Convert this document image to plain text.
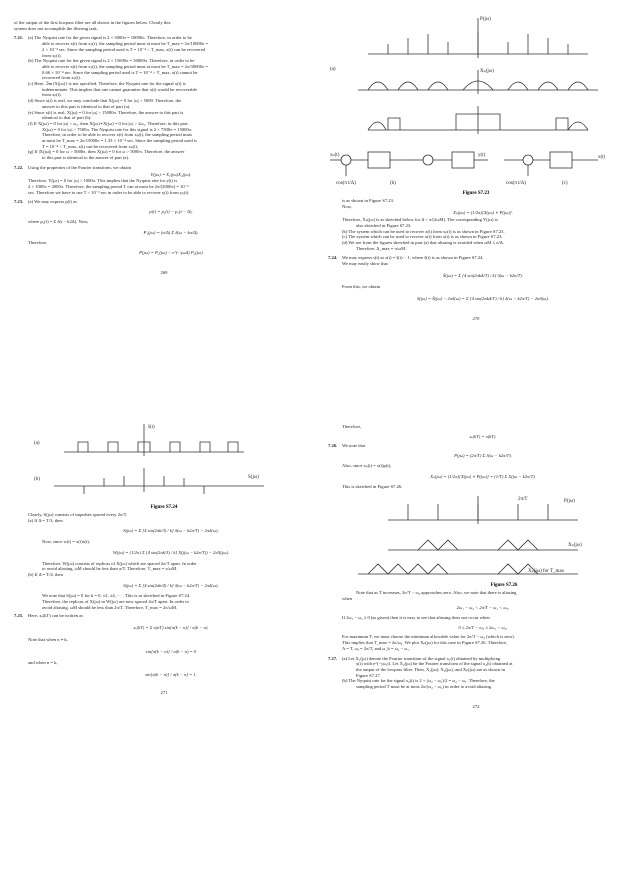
of the output of the first lowpass filter are all shown in the figures below. Clearly this

system does not accomplish the filtering task.

7.21. (a) The Nyquist rate for the given signal is 2 × 5000π = 10000π. Therefore, in order to be

able to recover x(t) from xₚ(t), the sampling period must at most be T_max = 2π/10000π =

2 × 10⁻⁴ sec. Since the sampling period used is T = 10⁻⁴ < T_max, x(t) can be recovered

from xₚ(t).

(b) The Nyquist rate for the given signal is 2 × 15000π = 30000π. Therefore, in order to be

able to recover x(t) from xₚ(t), the sampling period must at most be T_max = 2π/30000π =

0.66 × 10⁻⁴ sec. Since the sampling period used is T = 10⁻⁴ > T_max, x(t) cannot be

recovered from xₚ(t).

(c) Here, ℑm{X(jω)} is not specified. Therefore, the Nyquist rate for the signal x(t) is

indeterminate. This implies that one cannot guarantee that x(t) would be recoverable

from xₚ(t).

(d) Since x(t) is real, we may conclude that X(jω) = 0 for |ω| > 5000. Therefore, the

answer to this part is identical to that of part (a).

(e) Since x(t) is real, X(jω) = 0 for |ω| > 15000π. Therefore, the answer to this part is

identical to that of part (b).

(f) If X(jω) = 0 for |ω| > ω₁, then X(jω)∗X(jω) = 0 for |ω| > 2ω₁. Therefore, in this part,

X(jω) = 0 for |ω| > 7500π. The Nyquist rate for this signal is 2 × 7500π = 15000π.

Therefore, in order to be able to recover x(t) from xₚ(t), the sampling period must

at most be T_max = 2π/15000π = 1.33 × 10⁻⁴ sec. Since the sampling period used is

T = 10⁻⁴ < T_max, x(t) can be recovered from xₚ(t).

(g) If |X(jω)| = 0 for ω > 5000π, then X(jω) = 0 for ω > 5000π. Therefore, the answer

to this part is identical to the answer of part (a).

7.22. Using the properties of the Fourier transform, we obtain

Y(jω) = X₁(jω)X₂(jω).

Therefore, Y(jω) = 0 for |ω| > 1000π. This implies that the Nyquist rate for y(t) is

2 × 1000π = 2000π. Therefore, the sampling period T can at most be 2π/(2000π) = 10⁻³

sec. Therefore we have to use T < 10⁻³ sec in order to be able to recover y(t) from yₚ(t).

7.23. (a) We may express p(t) as

p(t) = p₁(t) − p₁(t − Δ),

where p₁(t) = Σ δ(t − k2Δ). Now,

P₁(jω) = (π/Δ) Σ δ(ω − kπ/Δ).

Therefore,

P(jω) = P₁(jω) − e^(−jωΔ) P₁(jω)

269

P(jω)
Xₚ(jω)
(a)
xₚ(t)	y(t)
cos(π t/Δ)	(b)	cos(π t/Δ)	(c)
x(t)
Figure S7.23

is as shown in Figure S7.23.

Now,

Xₚ(jω) = (1/2π)[X(jω) ∗ P(jω)].

Therefore, Xₚ(jω) is as sketched below for Δ < π/(2ωM). The corresponding Y(jω) is

also sketched in Figure S7.23.

(b) The system which can be used to recover x(t) from xₚ(t) is as shown in Figure S7.23.

(c) The system which can be used to recover x(t) from x(t) is as shown in Figure S7.23.

(d) We see from the figures sketched in part (a) that aliasing is avoided when ωM ≤ π/Δ.

Therefore, Δ_max = π/ωM.

7.24. We may express s(t) as s(t) = š(t) − 1, where š(t) is as shown in Figure S7.24.

We may easily show that

Š(jω) = Σ [4 sin(2πkΔ/T) / k] δ(ω − k2π/T).

From this, we obtain

S(jω) = Š(jω) − 2πδ(ω) = Σ [4 sin(2πkΔ/T) / k] δ(ω − k2π/T) − 2πδ(ω).

270

(a)
š(t)
(b)	S(jω)
Figure S7.24

Clearly, S(jω) consists of impulses spaced every 2π/T.

(a) If Δ = T/3, then

S(jω) = Σ [4 sin(2πk/3) / k] δ(ω − k2π/T) − 2πδ(ω).

Now, since w(t) = x(t)s(t),

W(jω) = (1/2π) Σ [4 sin(2πk/3) / k] X(j(ω − k2π/T)) − 2πX(jω).

Therefore, W(jω) consists of replicas of X(jω) which are spaced 2π/T apart. In order

to avoid aliasing, ωM should be less than π/T. Therefore, T_max = π/ωM.

(b) If Δ = T/4, then

S(jω) = Σ [4 sin(2πk/4) / k] δ(ω − k2π/T) − 2πδ(ω).

We note that S(jω) = 0 for k = 0, ±2, ±4, ··· . This is as sketched in Figure S7.24.

Therefore, the replicas of X(jω) in W(jω) are now spaced 4π/T apart. In order to

avoid aliasing, ωM should be less than 2π/T. Therefore, T_max = 2π/ωM.

7.25. Here, xᵣ(kT) can be written as

xᵣ(kT) = Σ x(nT) sin[π(k − n)] / π(k − n).

Note that when n ≠ k,

sin[π(k − n)] / π(k − n) = 0

and when n = k,

sin[π(k − n)] / π(k − n) = 1.

271

Therefore,

xᵣ(kT) = x(kT).

7.26. We note that

P(jω) = (2π/T) Σ δ(ω − k2π/T).

Also, since xₚ(t) = x(t)p(t),

Xₚ(jω) = (1/2π)[X(jω) ∗ P(jω)] = (1/T) Σ X(jω − k2π/T).

This is sketched in Figure S7.26.

P(jω)
2π/T
Xₚ(jω)
Xₚ(jω) for T_max
Figure S7.26

Note that as T increases, 2π/T − ω₂ approaches zero. Also, we note that there is aliasing

when

2ω₁ − ω₂ < 2π/T − ω₁ < ω₂.

If 2ω₁ − ω₂ ≥ 0 (as given) then it is easy to see that aliasing does not occur when

0 ≤ 2π/T − ω₂ ≤ 2ω₁ − ω₂.

For maximum T, we must choose the minimum allowable value for 2π/T − ω₂ (which is zero).

This implies that T_max = 2π/ω₂. We plot Xₚ(jω) for this case in Figure S7.26. Therefore,

A = T, ωₐ = 2π/T, and ω_b = ω₂ − ω₁.

7.27. (a) Let X₁(jω) denote the Fourier transform of the signal x₁(t) obtained by multiplying

x(t) with e^(−jω₁t). Let X₂(jω) be the Fourier transform of the signal x₂(t) obtained at

the output of the lowpass filter. Then, X₁(jω), X₂(jω), and Xₚ(jω) are as shown in

Figure S7.27.

(b) The Nyquist rate for the signal x₂(t) is 2 × (ω₂ − ω₁)/2 = ω₂ − ω₁. Therefore, the

sampling period T must be at most 2π/(ω₂ − ω₁) in order to avoid aliasing.

272
